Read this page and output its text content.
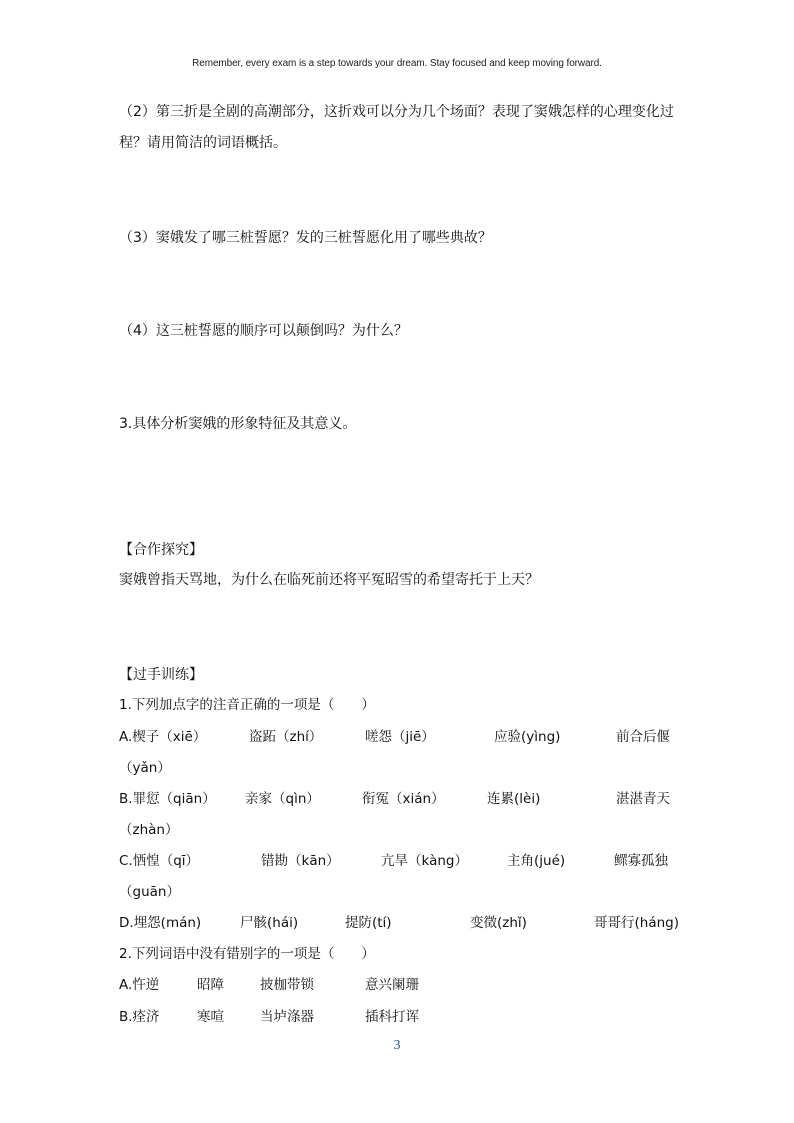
Remember, every exam is a step towards your dream. Stay focused and keep moving forward.
（2）第三折是全剧的高潮部分，这折戏可以分为几个场面？表现了窦娥怎样的心理变化过
程？请用简洁的词语概括。
（3）窦娥发了哪三桩誓愿？发的三桩誓愿化用了哪些典故？
（4）这三桩誓愿的顺序可以颠倒吗？为什么？
3.具体分析窦娥的形象特征及其意义。
【合作探究】
窦娥曾指天骂地，为什么在临死前还将平冤昭雪的希望寄托于上天？
【过手训练】
1.下列加点字的注音正确的一项是（　　）
A.楔子（xiē）	盗跖（zhí）	嗟怨（jiē）	应验(yìng)	前合后偃
（yǎn）
B.罪愆（qiān） 亲家（qìn）	衔冤（xián）	连累(lèi)	湛湛青天
（zhàn）
C.恓惶（qī）	错勘（kān）	亢旱（kàng）	主角(jué)	鳏寡孤独
（guān）
D.埋怨(mán)	尸骸(hái)	提防(tí)	变徵(zhǐ)	哥哥行(háng)
2.下列词语中没有错别字的一项是（　　）
A.忤逆	昭障	披枷带锁	意兴阑珊
B.痊济	寒喧	当垆涤器	插科打诨
3
